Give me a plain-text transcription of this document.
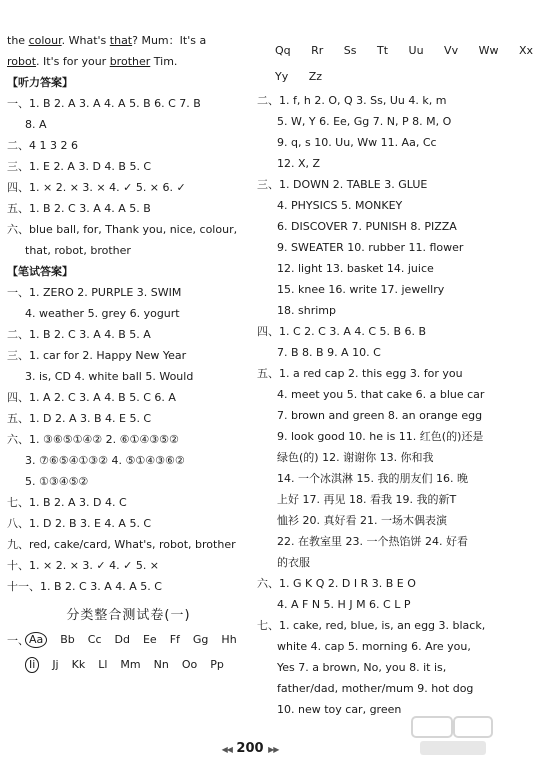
the colour. What's that? Mum：It's a
robot. It's for your brother Tim.
【听力答案】
一、1. B 2. A 3. A 4. A 5. B 6. C 7. B
8. A
二、4 1 3 2 6
三、1. E 2. A 3. D 4. B 5. C
四、1. × 2. × 3. × 4. ✓ 5. × 6. ✓
五、1. B 2. C 3. A 4. A 5. B
六、blue ball, for, Thank you, nice, colour,
that, robot, brother
【笔试答案】
一、1. ZERO 2. PURPLE 3. SWIM
4. weather 5. grey 6. yogurt
二、1. B 2. C 3. A 4. B 5. A
三、1. car for 2. Happy New Year
3. is, CD 4. white ball 5. Would
四、1. A 2. C 3. A 4. B 5. C 6. A
五、1. D 2. A 3. B 4. E 5. C
六、1. ③⑥⑤①④② 2. ⑥①④③⑤②
3. ⑦⑥⑤④①③② 4. ⑤①④③⑥②
5. ①③④⑤②
七、1. B 2. A 3. D 4. C
八、1. D 2. B 3. E 4. A 5. C
九、red, cake/card, What's, robot, brother
十、1. × 2. × 3. ✓ 4. ✓ 5. ×
十一、1. B 2. C 3. A 4. A 5. C
分类整合测试卷(一)
一、 Aa	Bb Cc Dd Ee Ff Gg Hh
Ii	Jj Kk Ll Mm Nn Oo Pp
Qq Rr Ss Tt Uu Vv Ww Xx
Yy Zz
二、1. f, h 2. O, Q 3. Ss, Uu 4. k, m
5. W, Y 6. Ee, Gg 7. N, P 8. M, O
9. q, s 10. Uu, Ww 11. Aa, Cc
12. X, Z
三、1. DOWN 2. TABLE 3. GLUE
4. PHYSICS 5. MONKEY
6. DISCOVER 7. PUNISH 8. PIZZA
9. SWEATER 10. rubber 11. flower
12. light 13. basket 14. juice
15. knee 16. write 17. jewellry
18. shrimp
四、1. C 2. C 3. A 4. C 5. B 6. B
7. B 8. B 9. A 10. C
五、1. a red cap 2. this egg 3. for you
4. meet you 5. that cake 6. a blue car
7. brown and green 8. an orange egg
9. look good 10. he is 11. 红色(的)还是
绿色(的) 12. 谢谢你 13. 你和我
14. 一个冰淇淋 15. 我的朋友们 16. 晚
上好 17. 再见 18. 看我 19. 我的新T
恤衫 20. 真好看 21. 一场木偶表演
22. 在教室里 23. 一个热馅饼 24. 好看
的衣服
六、1. G K Q 2. D I R 3. B E O
4. A F N 5. H J M 6. C L P
七、1. cake, red, blue, is, an egg 3. black,
white 4. cap 5. morning 6. Are you,
Yes 7. a brown, No, you 8. it is,
father/dad, mother/mum 9. hot dog
10. new toy car, green
◀◀ 200 ▶▶
